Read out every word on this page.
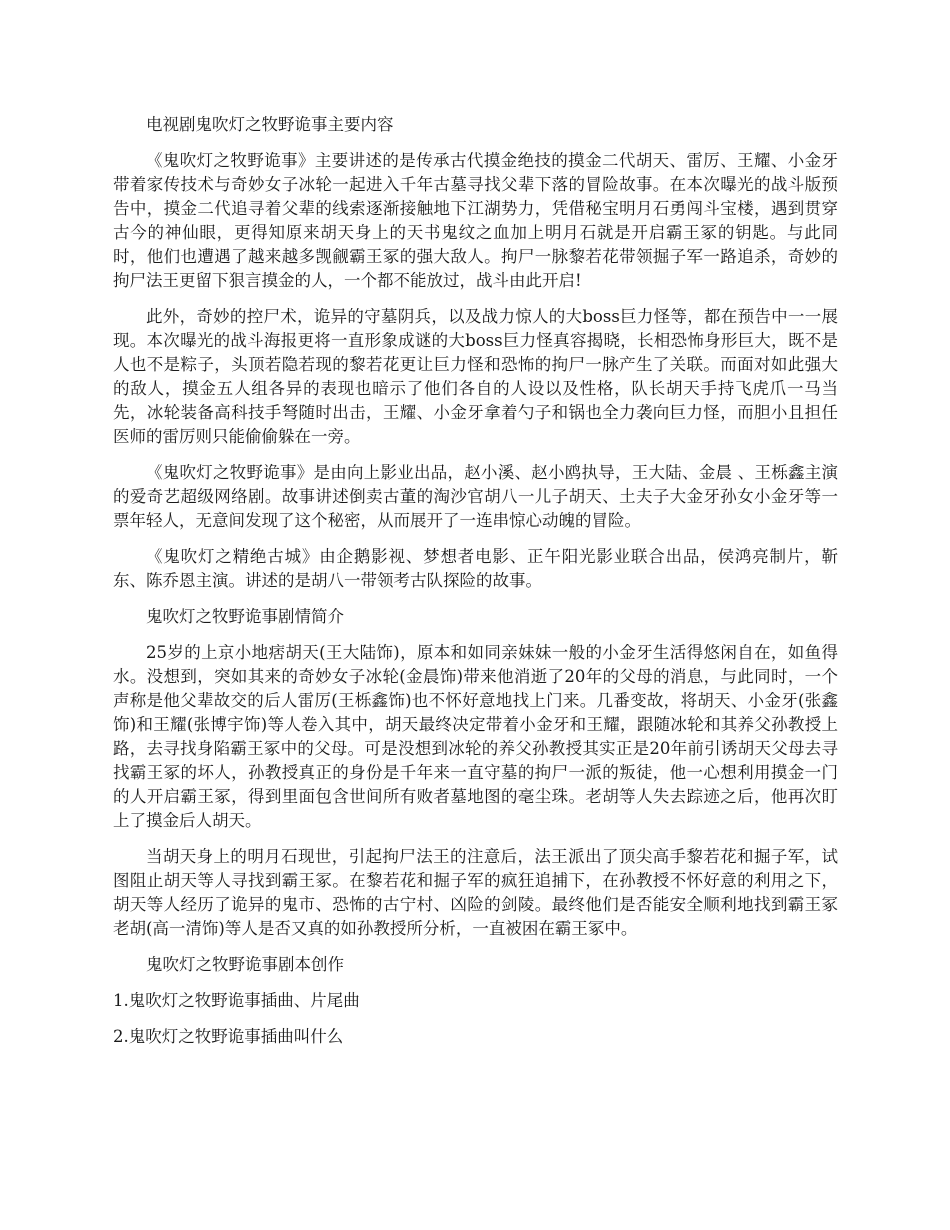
电视剧鬼吹灯之牧野诡事主要内容

《鬼吹灯之牧野诡事》主要讲述的是传承古代摸金绝技的摸金二代胡天、雷厉、王耀、小金牙带着家传技术与奇妙女子冰轮一起进入千年古墓寻找父辈下落的冒险故事。在本次曝光的战斗版预告中，摸金二代追寻着父辈的线索逐渐接触地下江湖势力，凭借秘宝明月石勇闯斗宝楼，遇到贯穿古今的神仙眼，更得知原来胡天身上的天书鬼纹之血加上明月石就是开启霸王冢的钥匙。与此同时，他们也遭遇了越来越多觊觎霸王冢的强大敌人。拘尸一脉黎若花带领掘子军一路追杀，奇妙的拘尸法王更留下狠言摸金的人，一个都不能放过，战斗由此开启!

此外，奇妙的控尸术，诡异的守墓阴兵，以及战力惊人的大boss巨力怪等，都在预告中一一展现。本次曝光的战斗海报更将一直形象成谜的大boss巨力怪真容揭晓，长相恐怖身形巨大，既不是人也不是粽子，头顶若隐若现的黎若花更让巨力怪和恐怖的拘尸一脉产生了关联。而面对如此强大的敌人，摸金五人组各异的表现也暗示了他们各自的人设以及性格，队长胡天手持飞虎爪一马当先，冰轮装备高科技手弩随时出击，王耀、小金牙拿着勺子和锅也全力袭向巨力怪，而胆小且担任医师的雷厉则只能偷偷躲在一旁。

《鬼吹灯之牧野诡事》是由向上影业出品，赵小溪、赵小鸥执导，王大陆、金晨 、王栎鑫主演的爱奇艺超级网络剧。故事讲述倒卖古董的淘沙官胡八一儿子胡天、土夫子大金牙孙女小金牙等一票年轻人，无意间发现了这个秘密，从而展开了一连串惊心动魄的冒险。

《鬼吹灯之精绝古城》由企鹅影视、梦想者电影、正午阳光影业联合出品，侯鸿亮制片，靳东、陈乔恩主演。讲述的是胡八一带领考古队探险的故事。

鬼吹灯之牧野诡事剧情简介

25岁的上京小地痞胡天(王大陆饰)，原本和如同亲妹妹一般的小金牙生活得悠闲自在，如鱼得水。没想到，突如其来的奇妙女子冰轮(金晨饰)带来他消逝了20年的父母的消息，与此同时，一个声称是他父辈故交的后人雷厉(王栎鑫饰)也不怀好意地找上门来。几番变故，将胡天、小金牙(张鑫饰)和王耀(张博宇饰)等人卷入其中，胡天最终决定带着小金牙和王耀，跟随冰轮和其养父孙教授上路，去寻找身陷霸王冢中的父母。可是没想到冰轮的养父孙教授其实正是20年前引诱胡天父母去寻找霸王冢的坏人，孙教授真正的身份是千年来一直守墓的拘尸一派的叛徒，他一心想利用摸金一门的人开启霸王冢，得到里面包含世间所有败者墓地图的毫尘珠。老胡等人失去踪迹之后，他再次盯上了摸金后人胡天。

当胡天身上的明月石现世，引起拘尸法王的注意后，法王派出了顶尖高手黎若花和掘子军，试图阻止胡天等人寻找到霸王冢。在黎若花和掘子军的疯狂追捕下，在孙教授不怀好意的利用之下，胡天等人经历了诡异的鬼市、恐怖的古宁村、凶险的剑陵。最终他们是否能安全顺利地找到霸王冢老胡(高一清饰)等人是否又真的如孙教授所分析，一直被困在霸王冢中。

鬼吹灯之牧野诡事剧本创作

1.鬼吹灯之牧野诡事插曲、片尾曲

2.鬼吹灯之牧野诡事插曲叫什么
